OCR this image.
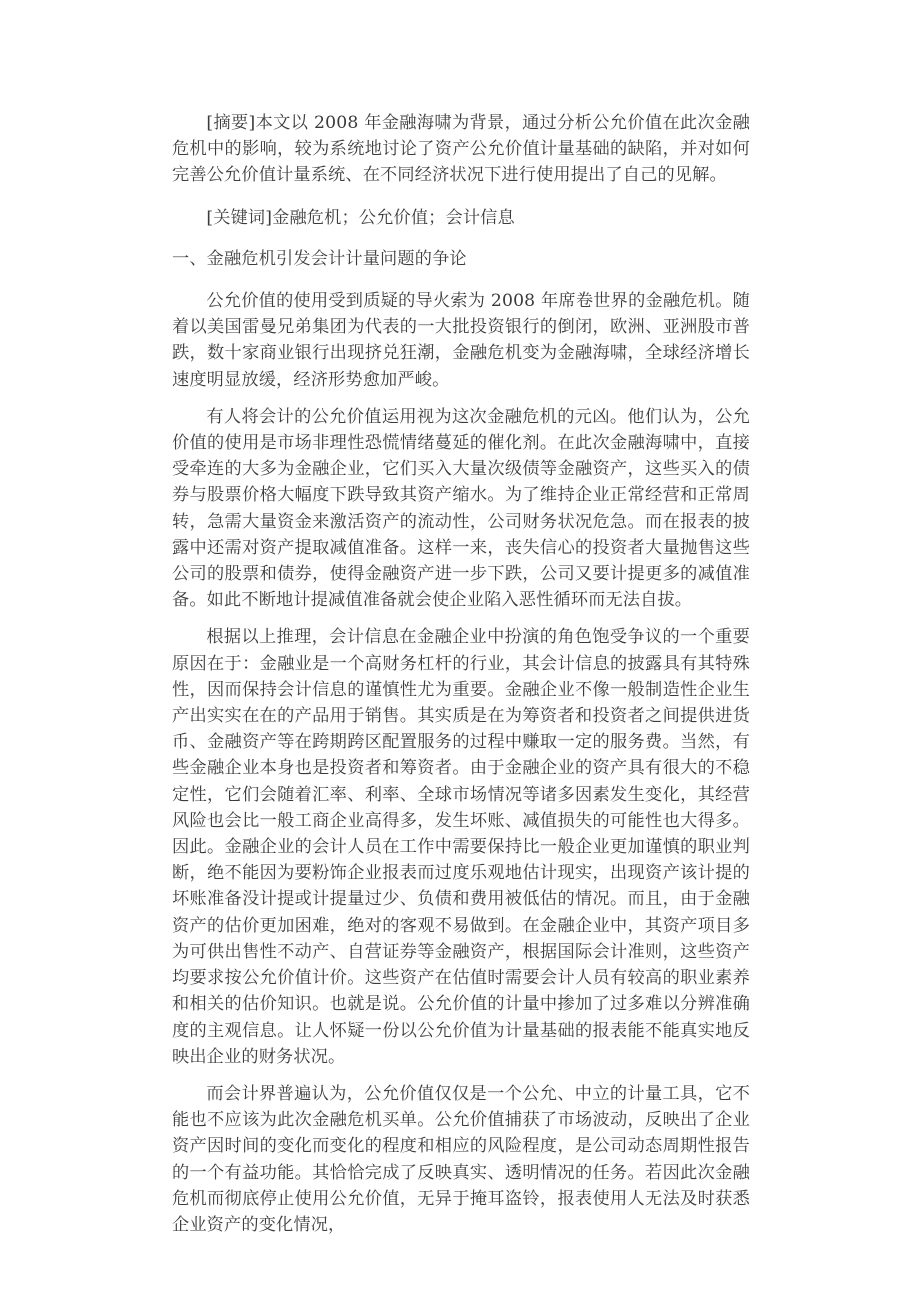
[摘要]本文以 2008 年金融海啸为背景，通过分析公允价值在此次金融危机中的影响，较为系统地讨论了资产公允价值计量基础的缺陷，并对如何完善公允价值计量系统、在不同经济状况下进行使用提出了自己的见解。

[关键词]金融危机；公允价值；会计信息

一、金融危机引发会计计量问题的争论

公允价值的使用受到质疑的导火索为 2008 年席卷世界的金融危机。随着以美国雷曼兄弟集团为代表的一大批投资银行的倒闭，欧洲、亚洲股市普跌，数十家商业银行出现挤兑狂潮，金融危机变为金融海啸，全球经济增长速度明显放缓，经济形势愈加严峻。

有人将会计的公允价值运用视为这次金融危机的元凶。他们认为，公允价值的使用是市场非理性恐慌情绪蔓延的催化剂。在此次金融海啸中，直接受牵连的大多为金融企业，它们买入大量次级债等金融资产，这些买入的债券与股票价格大幅度下跌导致其资产缩水。为了维持企业正常经营和正常周转，急需大量资金来激活资产的流动性，公司财务状况危急。而在报表的披露中还需对资产提取减值准备。这样一来，丧失信心的投资者大量抛售这些公司的股票和债券，使得金融资产进一步下跌，公司又要计提更多的减值准备。如此不断地计提减值准备就会使企业陷入恶性循环而无法自拔。

根据以上推理，会计信息在金融企业中扮演的角色饱受争议的一个重要原因在于：金融业是一个高财务杠杆的行业，其会计信息的披露具有其特殊性，因而保持会计信息的谨慎性尤为重要。金融企业不像一般制造性企业生产出实实在在的产品用于销售。其实质是在为筹资者和投资者之间提供进货币、金融资产等在跨期跨区配置服务的过程中赚取一定的服务费。当然，有些金融企业本身也是投资者和筹资者。由于金融企业的资产具有很大的不稳定性，它们会随着汇率、利率、全球市场情况等诸多因素发生变化，其经营风险也会比一般工商企业高得多，发生坏账、减值损失的可能性也大得多。因此。金融企业的会计人员在工作中需要保持比一般企业更加谨慎的职业判断，绝不能因为要粉饰企业报表而过度乐观地估计现实，出现资产该计提的坏账准备没计提或计提量过少、负债和费用被低估的情况。而且，由于金融资产的估价更加困难，绝对的客观不易做到。在金融企业中，其资产项目多为可供出售性不动产、自营证券等金融资产，根据国际会计准则，这些资产均要求按公允价值计价。这些资产在估值时需要会计人员有较高的职业素养和相关的估价知识。也就是说。公允价值的计量中掺加了过多难以分辨准确度的主观信息。让人怀疑一份以公允价值为计量基础的报表能不能真实地反映出企业的财务状况。

而会计界普遍认为，公允价值仅仅是一个公允、中立的计量工具，它不能也不应该为此次金融危机买单。公允价值捕获了市场波动，反映出了企业资产因时间的变化而变化的程度和相应的风险程度，是公司动态周期性报告的一个有益功能。其恰恰完成了反映真实、透明情况的任务。若因此次金融危机而彻底停止使用公允价值，无异于掩耳盗铃，报表使用人无法及时获悉企业资产的变化情况，
